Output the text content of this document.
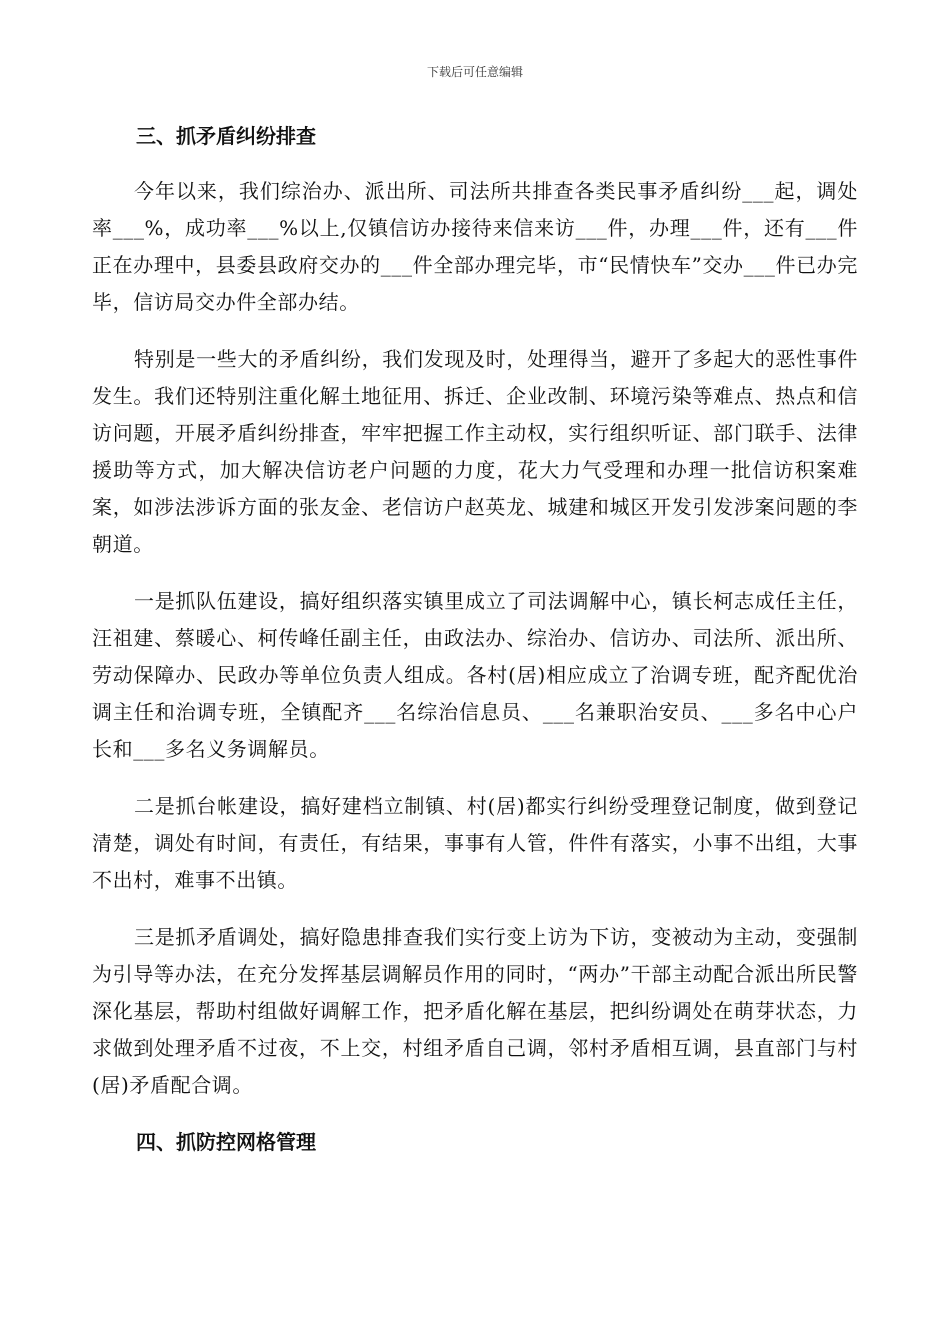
下载后可任意编辑
三、抓矛盾纠纷排查

今年以来，我们综治办、派出所、司法所共排查各类民事矛盾纠纷___起，调处率___%，成功率___%以上,仅镇信访办接待来信来访___件，办理___件，还有___件正在办理中，县委县政府交办的___件全部办理完毕，市“民情快车”交办___件已办完毕，信访局交办件全部办结。

特别是一些大的矛盾纠纷，我们发现及时，处理得当，避开了多起大的恶性事件发生。我们还特别注重化解土地征用、拆迁、企业改制、环境污染等难点、热点和信访问题，开展矛盾纠纷排查，牢牢把握工作主动权，实行组织听证、部门联手、法律援助等方式，加大解决信访老户问题的力度，花大力气受理和办理一批信访积案难案，如涉法涉诉方面的张友金、老信访户赵英龙、城建和城区开发引发涉案问题的李朝道。

一是抓队伍建设，搞好组织落实镇里成立了司法调解中心，镇长柯志成任主任，汪祖建、蔡暖心、柯传峰任副主任，由政法办、综治办、信访办、司法所、派出所、劳动保障办、民政办等单位负责人组成。各村(居)相应成立了治调专班，配齐配优治调主任和治调专班，全镇配齐___名综治信息员、___名兼职治安员、___多名中心户长和___多名义务调解员。

二是抓台帐建设，搞好建档立制镇、村(居)都实行纠纷受理登记制度，做到登记清楚，调处有时间，有责任，有结果，事事有人管，件件有落实，小事不出组，大事不出村，难事不出镇。

三是抓矛盾调处，搞好隐患排查我们实行变上访为下访，变被动为主动，变强制为引导等办法，在充分发挥基层调解员作用的同时，“两办”干部主动配合派出所民警深化基层，帮助村组做好调解工作，把矛盾化解在基层，把纠纷调处在萌芽状态，力求做到处理矛盾不过夜，不上交，村组矛盾自己调，邻村矛盾相互调，县直部门与村(居)矛盾配合调。

四、抓防控网格管理
